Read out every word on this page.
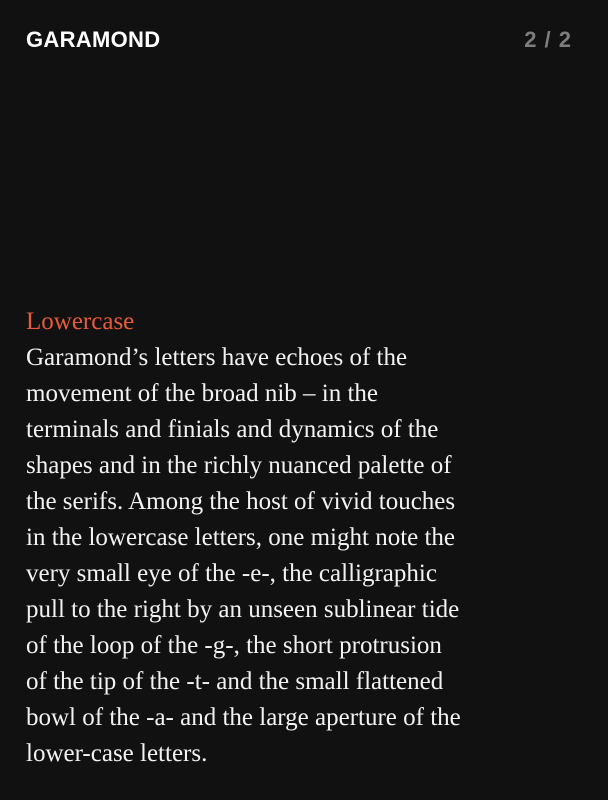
GARAMOND	2 / 2
Lowercase

Garamond’s letters have echoes of the
movement of the broad nib – in the
terminals and finials and dynamics of the
shapes and in the richly nuanced palette of
the serifs. Among the host of vivid touches
in the lowercase letters, one might note the
very small eye of the -e-, the calligraphic
pull to the right by an unseen sublinear tide
of the loop of the -g-, the short protrusion
of the tip of the -t- and the small flattened
bowl of the -a- and the large aperture of the
lower-case letters.
